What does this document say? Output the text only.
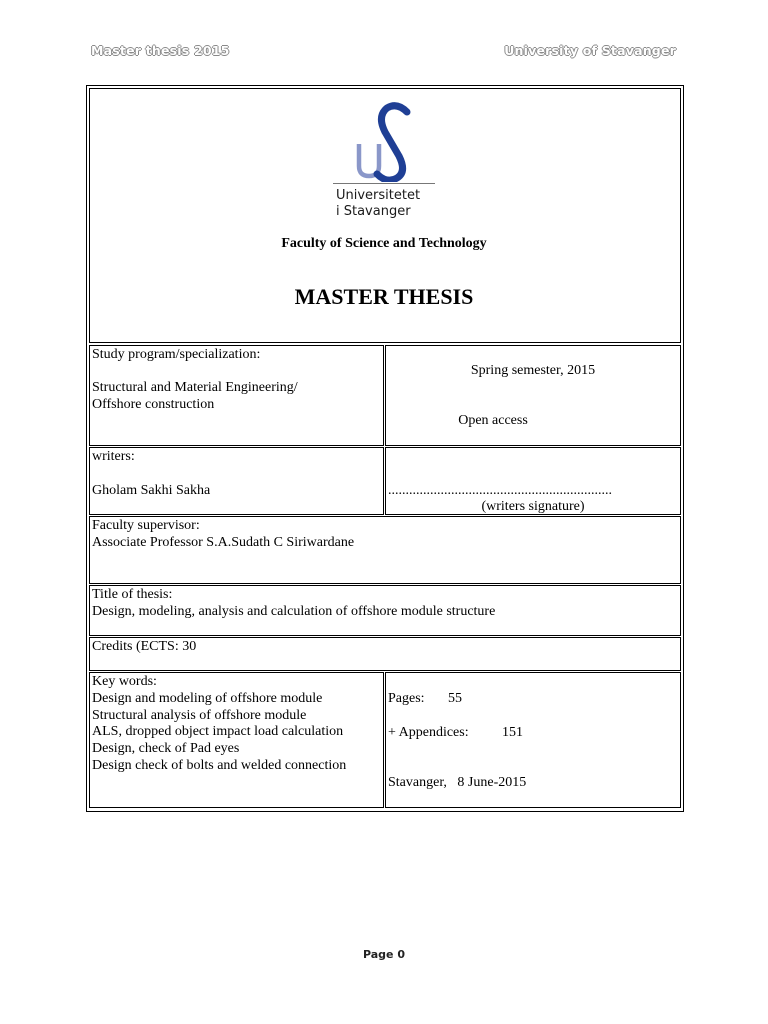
Master thesis 2015	University of Stavanger
Universitetet
i Stavanger
Faculty of Science and Technology
MASTER THESIS
Study program/specialization:
Structural and Material Engineering/
Offshore construction
Spring semester, 2015
Open access
writers:
Gholam Sakhi Sakha	................................................................
(writers signature)
Faculty supervisor:
Associate Professor S.A.Sudath C Siriwardane
Title of thesis:
Design, modeling, analysis and calculation of offshore module structure
Credits (ECTS: 30
Key words:
Design and modeling of offshore module
Structural analysis of offshore module
ALS, dropped object impact load calculation
Design, check of Pad eyes
Design check of bolts and welded connection
Pages: 55
+ Appendices: 151
Stavanger,   8 June-2015
Page 0
